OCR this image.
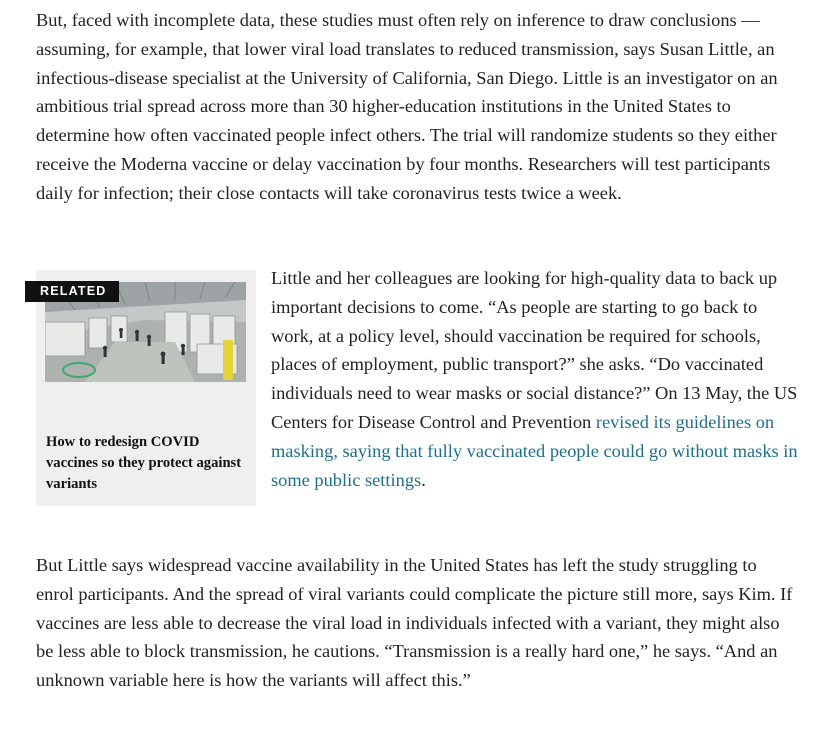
But, faced with incomplete data, these studies must often rely on inference to draw conclusions — assuming, for example, that lower viral load translates to reduced transmission, says Susan Little, an infectious-disease specialist at the University of California, San Diego. Little is an investigator on an ambitious trial spread across more than 30 higher-education institutions in the United States to determine how often vaccinated people infect others. The trial will randomize students so they either receive the Moderna vaccine or delay vaccination by four months. Researchers will test participants daily for infection; their close contacts will take coronavirus tests twice a week.

RELATED

How to redesign COVID vaccines so they protect against variants

Little and her colleagues are looking for high-quality data to back up important decisions to come. “As people are starting to go back to work, at a policy level, should vaccination be required for schools, places of employment, public transport?” she asks. “Do vaccinated individuals need to wear masks or social distance?” On 13 May, the US Centers for Disease Control and Prevention revised its guidelines on masking, saying that fully vaccinated people could go without masks in some public settings.

But Little says widespread vaccine availability in the United States has left the study struggling to enrol participants. And the spread of viral variants could complicate the picture still more, says Kim. If vaccines are less able to decrease the viral load in individuals infected with a variant, they might also be less able to block transmission, he cautions. “Transmission is a really hard one,” he says. “And an unknown variable here is how the variants will affect this.”
